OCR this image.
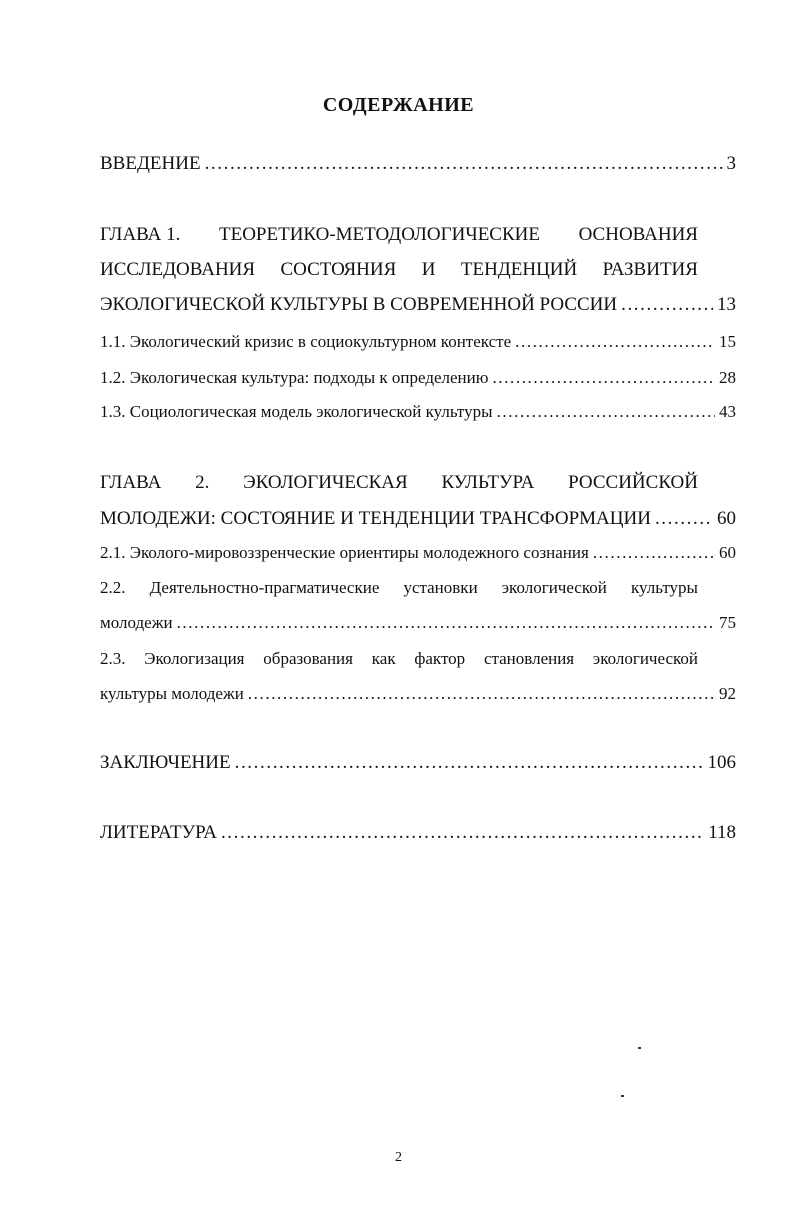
СОДЕРЖАНИЕ
ВВЕДЕНИЕ .....	3
ГЛАВА 1. ТЕОРЕТИКО-МЕТОДОЛОГИЧЕСКИЕ ОСНОВАНИЯ
ИССЛЕДОВАНИЯ СОСТОЯНИЯ И ТЕНДЕНЦИЙ РАЗВИТИЯ
ЭКОЛОГИЧЕСКОЙ КУЛЬТУРЫ В СОВРЕМЕННОЙ РОССИИ .....	13
1.1. Экологический кризис в социокультурном контексте .....	15
1.2. Экологическая культура: подходы к определению .....	28
1.3. Социологическая модель экологической культуры .....	43
ГЛАВА 2. ЭКОЛОГИЧЕСКАЯ КУЛЬТУРА РОССИЙСКОЙ
МОЛОДЕЖИ: СОСТОЯНИЕ И ТЕНДЕНЦИИ ТРАНСФОРМАЦИИ .....	60
2.1. Эколого-мировоззренческие ориентиры молодежного сознания .....	60
2.2. Деятельностно-прагматические установки экологической культуры
молодежи .....	75
2.3. Экологизация образования как фактор становления экологической
культуры молодежи .....	92
ЗАКЛЮЧЕНИЕ .....	106
ЛИТЕРАТУРА .....	118
2
